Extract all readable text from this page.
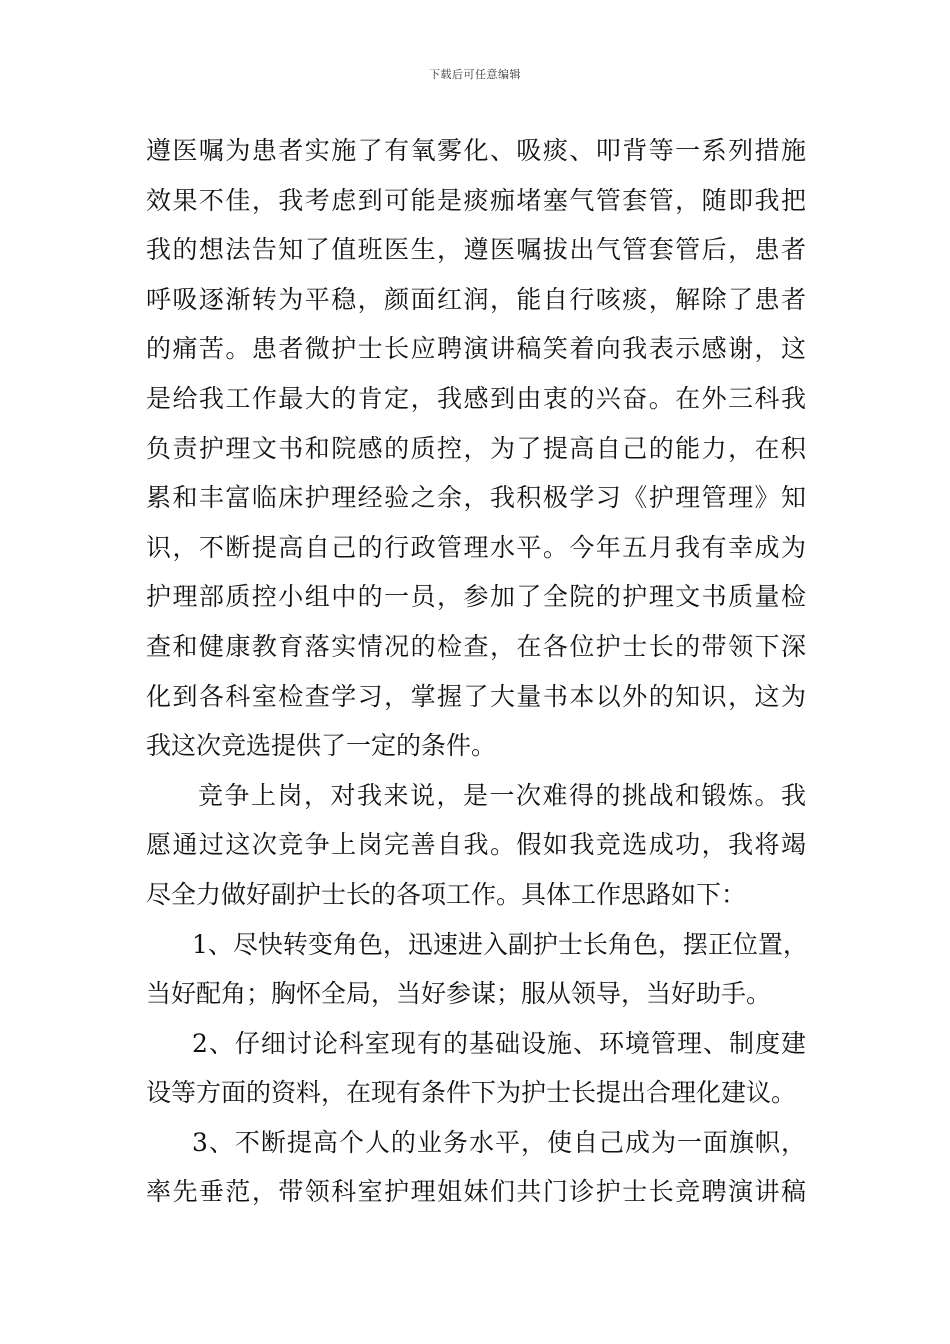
下载后可任意编辑
遵医嘱为患者实施了有氧雾化、吸痰、叩背等一系列措施
效果不佳，我考虑到可能是痰痂堵塞气管套管，随即我把
我的想法告知了值班医生，遵医嘱拔出气管套管后，患者
呼吸逐渐转为平稳，颜面红润，能自行咳痰，解除了患者
的痛苦。患者微护士长应聘演讲稿笑着向我表示感谢，这
是给我工作最大的肯定，我感到由衷的兴奋。在外三科我
负责护理文书和院感的质控，为了提高自己的能力，在积
累和丰富临床护理经验之余，我积极学习《护理管理》知
识，不断提高自己的行政管理水平。今年五月我有幸成为
护理部质控小组中的一员，参加了全院的护理文书质量检
查和健康教育落实情况的检查，在各位护士长的带领下深
化到各科室检查学习，掌握了大量书本以外的知识，这为
我这次竞选提供了一定的条件。
竞争上岗，对我来说，是一次难得的挑战和锻炼。我
愿通过这次竞争上岗完善自我。假如我竞选成功，我将竭
尽全力做好副护士长的各项工作。具体工作思路如下：
1、尽快转变角色，迅速进入副护士长角色，摆正位置，
当好配角；胸怀全局，当好参谋；服从领导，当好助手。
2、仔细讨论科室现有的基础设施、环境管理、制度建
设等方面的资料，在现有条件下为护士长提出合理化建议。
3、不断提高个人的业务水平，使自己成为一面旗帜，
率先垂范，带领科室护理姐妹们共门诊护士长竞聘演讲稿
